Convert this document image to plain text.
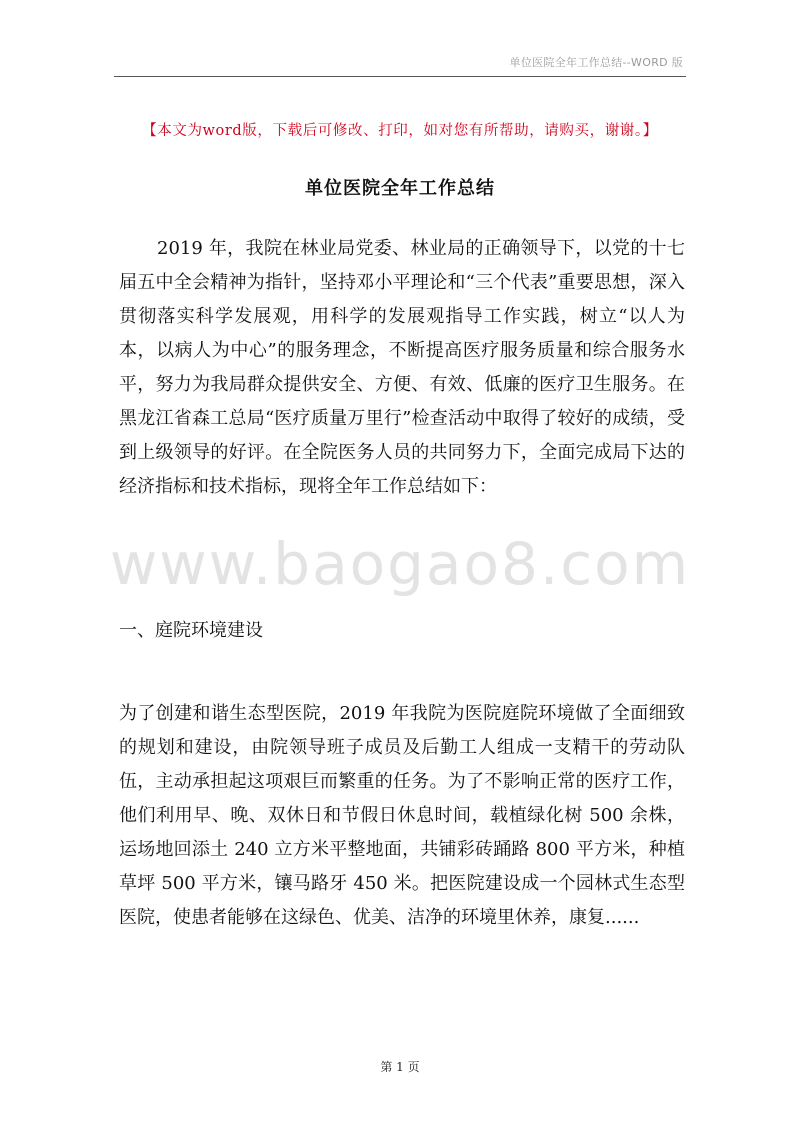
www.baogao8.com
单位医院全年工作总结--WORD 版
【本文为word版，下载后可修改、打印，如对您有所帮助，请购买，谢谢。】
单位医院全年工作总结

2019 年，我院在林业局党委、林业局的正确领导下，以党的十七届五中全会精神为指针，坚持邓小平理论和“三个代表”重要思想，深入贯彻落实科学发展观，用科学的发展观指导工作实践，树立“以人为本，以病人为中心”的服务理念，不断提高医疗服务质量和综合服务水平，努力为我局群众提供安全、方便、有效、低廉的医疗卫生服务。在黑龙江省森工总局“医疗质量万里行”检查活动中取得了较好的成绩，受到上级领导的好评。在全院医务人员的共同努力下，全面完成局下达的经济指标和技术指标，现将全年工作总结如下：

一、庭院环境建设

为了创建和谐生态型医院，2019 年我院为医院庭院环境做了全面细致的规划和建设，由院领导班子成员及后勤工人组成一支精干的劳动队伍，主动承担起这项艰巨而繁重的任务。为了不影响正常的医疗工作，他们利用早、晚、双休日和节假日休息时间，载植绿化树 500 余株，运场地回添土 240 立方米平整地面，共铺彩砖踊路 800 平方米，种植草坪 500 平方米，镶马路牙 450 米。把医院建设成一个园林式生态型医院，使患者能够在这绿色、优美、洁净的环境里休养，康复......

第 1 页
